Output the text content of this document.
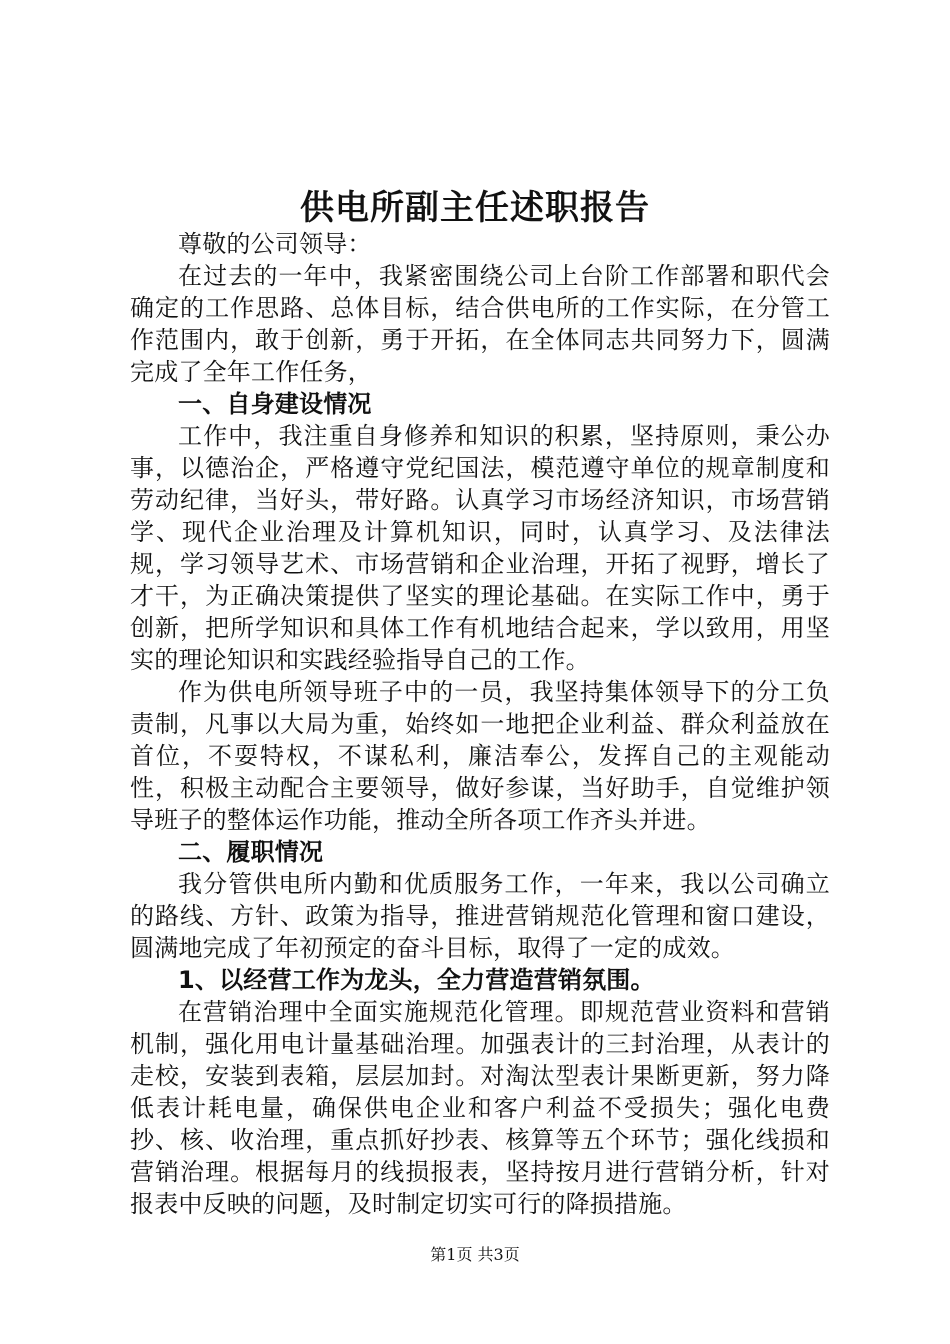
供电所副主任述职报告

尊敬的公司领导：

在过去的一年中，我紧密围绕公司上台阶工作部署和职代会确定的工作思路、总体目标，结合供电所的工作实际，在分管工作范围内，敢于创新，勇于开拓，在全体同志共同努力下，圆满完成了全年工作任务，

一、自身建设情况

工作中，我注重自身修养和知识的积累，坚持原则，秉公办事，以德治企，严格遵守党纪国法，模范遵守单位的规章制度和劳动纪律，当好头，带好路。认真学习市场经济知识，市场营销学、现代企业治理及计算机知识，同时，认真学习、及法律法规，学习领导艺术、市场营销和企业治理，开拓了视野，增长了才干，为正确决策提供了坚实的理论基础。在实际工作中，勇于创新，把所学知识和具体工作有机地结合起来，学以致用，用坚实的理论知识和实践经验指导自己的工作。

作为供电所领导班子中的一员，我坚持集体领导下的分工负责制，凡事以大局为重，始终如一地把企业利益、群众利益放在首位，不耍特权，不谋私利，廉洁奉公，发挥自己的主观能动性，积极主动配合主要领导，做好参谋，当好助手，自觉维护领导班子的整体运作功能，推动全所各项工作齐头并进。

二、履职情况

我分管供电所内勤和优质服务工作，一年来，我以公司确立的路线、方针、政策为指导，推进营销规范化管理和窗口建设，圆满地完成了年初预定的奋斗目标，取得了一定的成效。

1、以经营工作为龙头，全力营造营销氛围。

在营销治理中全面实施规范化管理。即规范营业资料和营销机制，强化用电计量基础治理。加强表计的三封治理，从表计的走校，安装到表箱，层层加封。对淘汰型表计果断更新，努力降低表计耗电量，确保供电企业和客户利益不受损失；强化电费抄、核、收治理，重点抓好抄表、核算等五个环节；强化线损和营销治理。根据每月的线损报表，坚持按月进行营销分析，针对报表中反映的问题，及时制定切实可行的降损措施。

第1页 共3页
